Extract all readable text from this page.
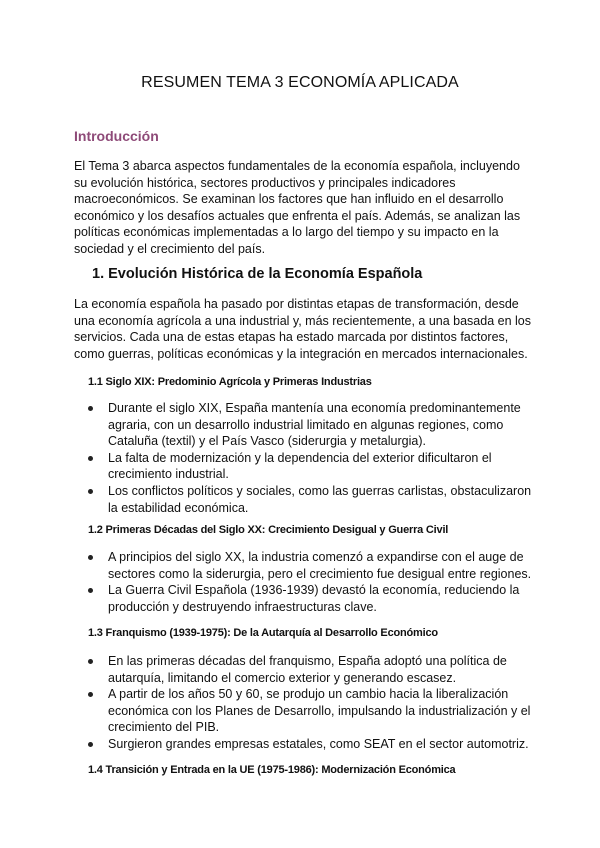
RESUMEN TEMA 3 ECONOMÍA APLICADA
Introducción

El Tema 3 abarca aspectos fundamentales de la economía española, incluyendo su evolución histórica, sectores productivos y principales indicadores macroeconómicos. Se examinan los factores que han influido en el desarrollo económico y los desafíos actuales que enfrenta el país. Además, se analizan las políticas económicas implementadas a lo largo del tiempo y su impacto en la sociedad y el crecimiento del país.

1. Evolución Histórica de la Economía Española

La economía española ha pasado por distintas etapas de transformación, desde una economía agrícola a una industrial y, más recientemente, a una basada en los servicios. Cada una de estas etapas ha estado marcada por distintos factores, como guerras, políticas económicas y la integración en mercados internacionales.

1.1 Siglo XIX: Predominio Agrícola y Primeras Industrias
Durante el siglo XIX, España mantenía una economía predominantemente agraria, con un desarrollo industrial limitado en algunas regiones, como Cataluña (textil) y el País Vasco (siderurgia y metalurgia).
La falta de modernización y la dependencia del exterior dificultaron el crecimiento industrial.
Los conflictos políticos y sociales, como las guerras carlistas, obstaculizaron la estabilidad económica.
1.2 Primeras Décadas del Siglo XX: Crecimiento Desigual y Guerra Civil
A principios del siglo XX, la industria comenzó a expandirse con el auge de sectores como la siderurgia, pero el crecimiento fue desigual entre regiones.
La Guerra Civil Española (1936-1939) devastó la economía, reduciendo la producción y destruyendo infraestructuras clave.
1.3 Franquismo (1939-1975): De la Autarquía al Desarrollo Económico
En las primeras décadas del franquismo, España adoptó una política de autarquía, limitando el comercio exterior y generando escasez.
A partir de los años 50 y 60, se produjo un cambio hacia la liberalización económica con los Planes de Desarrollo, impulsando la industrialización y el crecimiento del PIB.
Surgieron grandes empresas estatales, como SEAT en el sector automotriz.
1.4 Transición y Entrada en la UE (1975-1986): Modernización Económica
